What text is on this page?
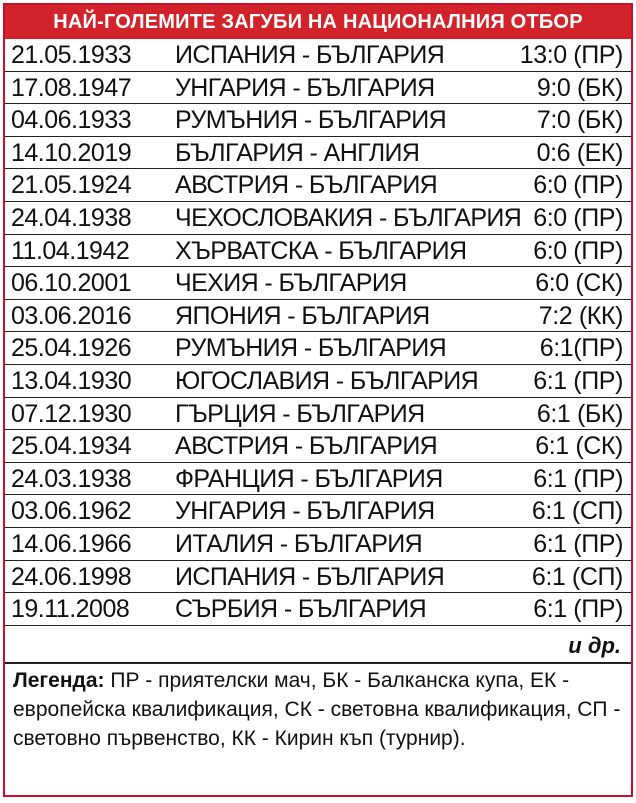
НАЙ-ГОЛЕМИТЕ ЗАГУБИ НА НАЦИОНАЛНИЯ ОТБОР
21.05.1933 ИСПАНИЯ - БЪЛГАРИЯ	13:0 (ПР)
17.08.1947 УНГАРИЯ - БЪЛГАРИЯ	9:0 (БК)
04.06.1933 РУМЪНИЯ - БЪЛГАРИЯ	7:0 (БК)
14.10.2019 БЪЛГАРИЯ - АНГЛИЯ	0:6 (ЕК)
21.05.1924 АВСТРИЯ - БЪЛГАРИЯ	6:0 (ПР)
24.04.1938 ЧЕХОСЛОВАКИЯ - БЪЛГАРИЯ 6:0 (ПР)
11.04.1942 ХЪРВАТСКА - БЪЛГАРИЯ	6:0 (ПР)
06.10.2001 ЧЕХИЯ - БЪЛГАРИЯ	6:0 (СК)
03.06.2016 ЯПОНИЯ - БЪЛГАРИЯ	7:2 (КК)
25.04.1926 РУМЪНИЯ - БЪЛГАРИЯ	6:1(ПР)
13.04.1930 ЮГОСЛАВИЯ - БЪЛГАРИЯ 6:1 (ПР)
07.12.1930 ГЪРЦИЯ - БЪЛГАРИЯ	6:1 (БК)
25.04.1934 АВСТРИЯ - БЪЛГАРИЯ	6:1 (СК)
24.03.1938 ФРАНЦИЯ - БЪЛГАРИЯ	6:1 (ПР)
03.06.1962 УНГАРИЯ - БЪЛГАРИЯ	6:1 (СП)
14.06.1966 ИТАЛИЯ - БЪЛГАРИЯ	6:1 (ПР)
24.06.1998 ИСПАНИЯ - БЪЛГАРИЯ	6:1 (СП)
19.11.2008 СЪРБИЯ - БЪЛГАРИЯ	6:1 (ПР)
и др.
Легенда: ПР - приятелски мач, БК - Балканска купа, ЕК - европейска квалификация, СК - световна квалификация, СП - световно първенство, КК - Кирин къп (турнир).
